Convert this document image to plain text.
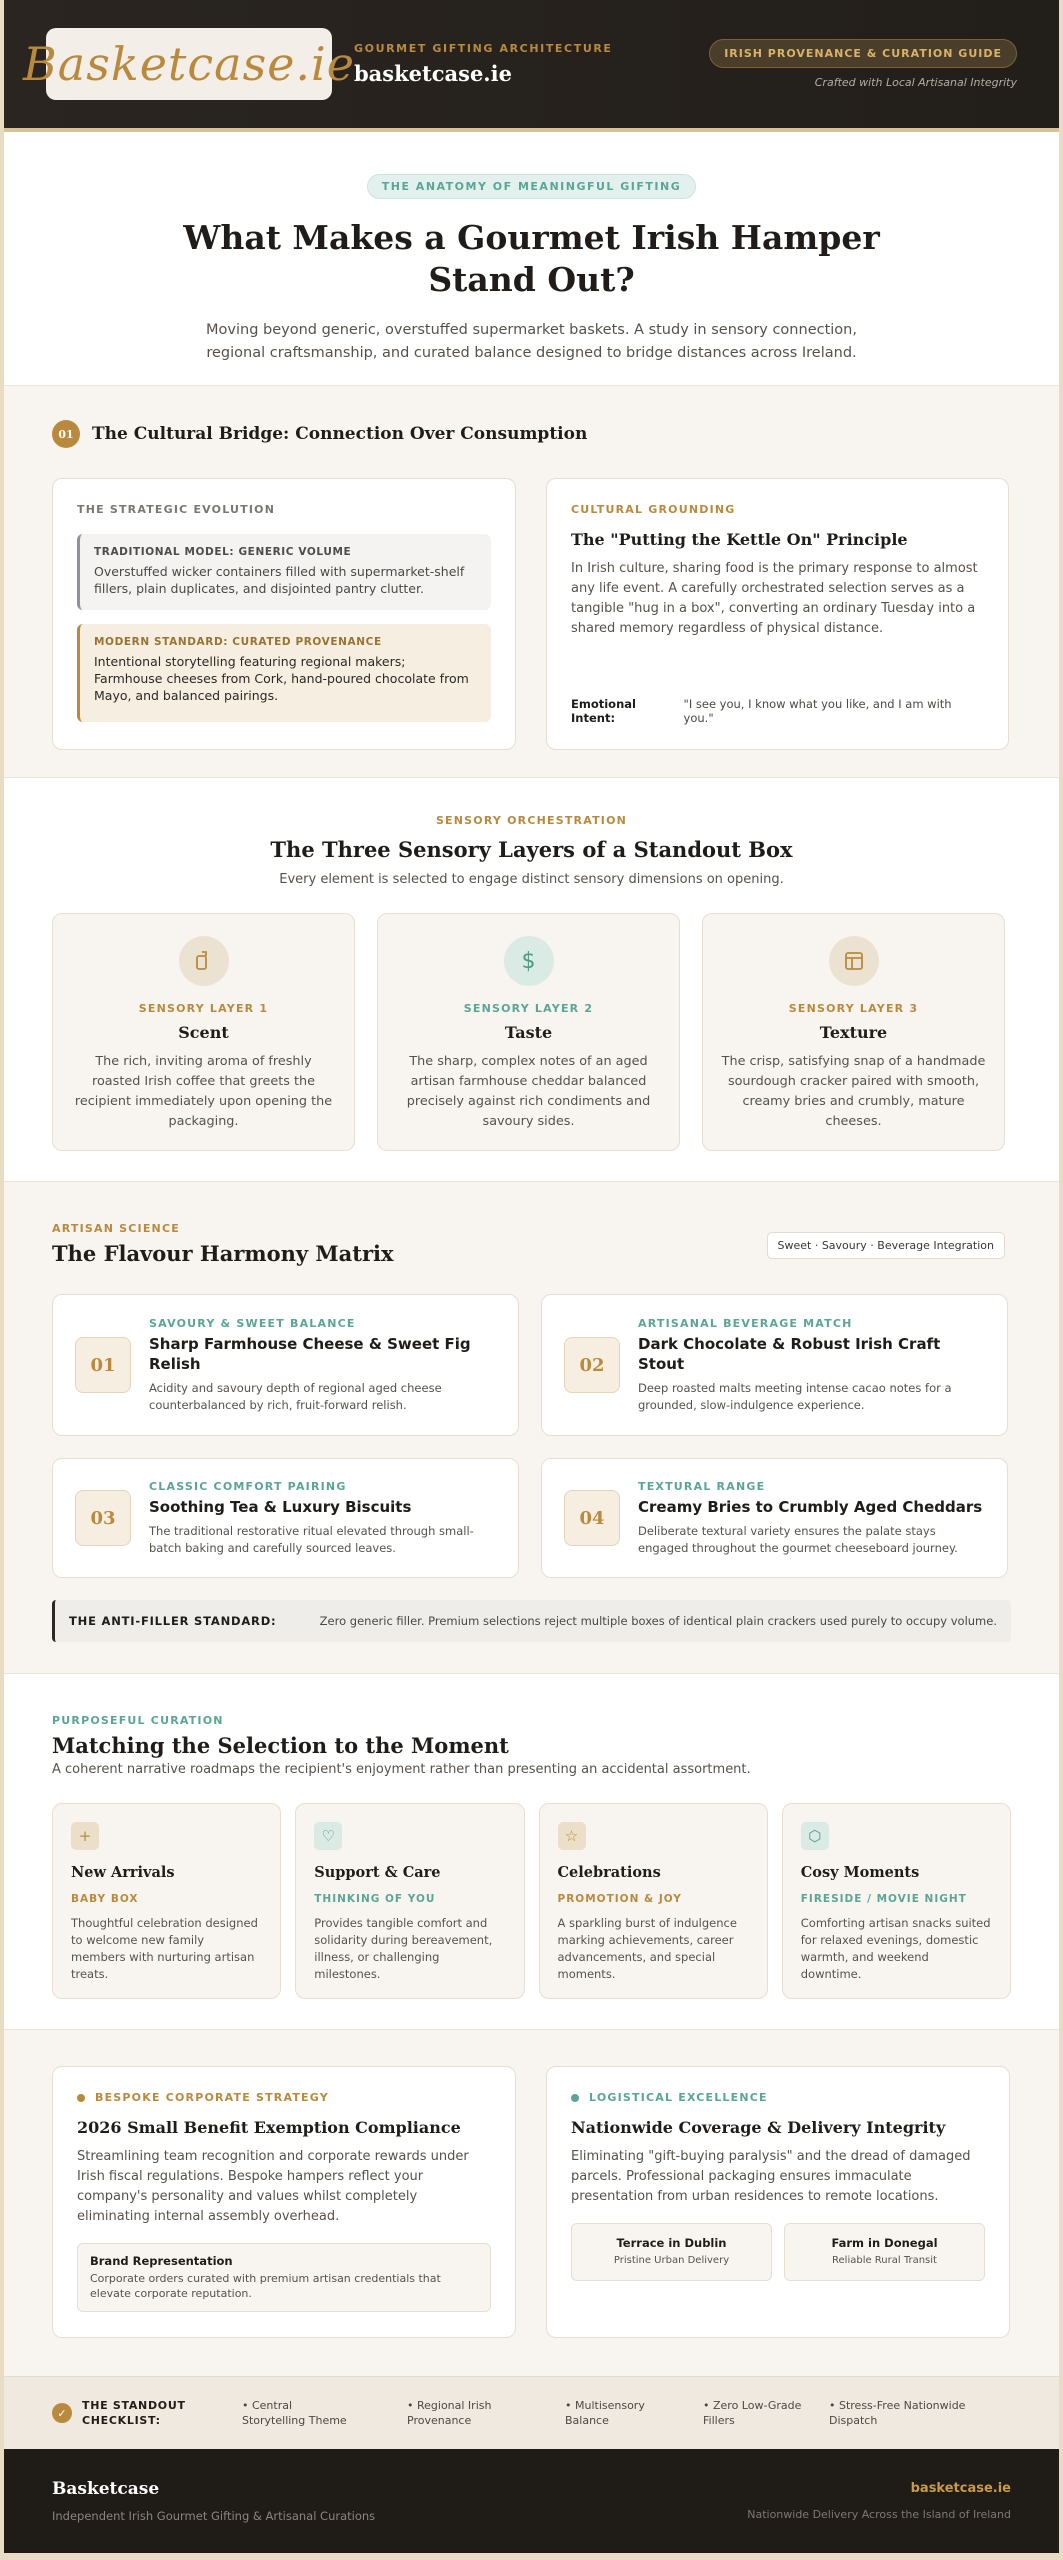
Basketcase.ie GOURMET GIFTING ARCHITECTURE
basketcase.ie
IRISH PROVENANCE & CURATION GUIDE
Crafted with Local Artisanal Integrity
THE ANATOMY OF MEANINGFUL GIFTING
What Makes a Gourmet Irish Hamper Stand Out?

Moving beyond generic, overstuffed supermarket baskets. A study in sensory connection, regional craftsmanship, and curated balance designed to bridge distances across Ireland.

01	The Cultural Bridge: Connection Over Consumption
THE STRATEGIC EVOLUTION
TRADITIONAL MODEL: GENERIC VOLUME
Overstuffed wicker containers filled with supermarket-shelf fillers, plain duplicates, and disjointed pantry clutter.
MODERN STANDARD: CURATED PROVENANCE
Intentional storytelling featuring regional makers; Farmhouse cheeses from Cork, hand-poured chocolate from Mayo, and balanced pairings.
CULTURAL GROUNDING
The "Putting the Kettle On" Principle

In Irish culture, sharing food is the primary response to almost any life event. A carefully orchestrated selection serves as a tangible "hug in a box", converting an ordinary Tuesday into a shared memory regardless of physical distance.

Emotional Intent:
"I see you, I know what you like, and I am with you."
SENSORY ORCHESTRATION
The Three Sensory Layers of a Standout Box

Every element is selected to engage distinct sensory dimensions on opening.

SENSORY LAYER 1
Scent

The rich, inviting aroma of freshly roasted Irish coffee that greets the recipient immediately upon opening the packaging.

$
SENSORY LAYER 2
Taste

The sharp, complex notes of an aged artisan farmhouse cheddar balanced precisely against rich condiments and savoury sides.

SENSORY LAYER 3
Texture

The crisp, satisfying snap of a handmade sourdough cracker paired with smooth, creamy bries and crumbly, mature cheeses.

ARTISAN SCIENCE
The Flavour Harmony Matrix	Sweet · Savoury · Beverage Integration
01
SAVOURY & SWEET BALANCE
Sharp Farmhouse Cheese & Sweet Fig Relish
Acidity and savoury depth of regional aged cheese counterbalanced by rich, fruit-forward relish.
02
ARTISANAL BEVERAGE MATCH
Dark Chocolate & Robust Irish Craft Stout
Deep roasted malts meeting intense cacao notes for a grounded, slow-indulgence experience.
03
CLASSIC COMFORT PAIRING
Soothing Tea & Luxury Biscuits
The traditional restorative ritual elevated through small-batch baking and carefully sourced leaves.
04
TEXTURAL RANGE
Creamy Bries to Crumbly Aged Cheddars
Deliberate textural variety ensures the palate stays engaged throughout the gourmet cheeseboard journey.
THE ANTI-FILLER STANDARD:	Zero generic filler. Premium selections reject multiple boxes of identical plain crackers used purely to occupy volume.
PURPOSEFUL CURATION
Matching the Selection to the Moment

A coherent narrative roadmaps the recipient's enjoyment rather than presenting an accidental assortment.

+
New Arrivals
BABY BOX

Thoughtful celebration designed to welcome new family members with nurturing artisan treats.

♡
Support & Care
THINKING OF YOU

Provides tangible comfort and solidarity during bereavement, illness, or challenging milestones.

☆
Celebrations
PROMOTION & JOY

A sparkling burst of indulgence marking achievements, career advancements, and special moments.

⬡
Cosy Moments
FIRESIDE / MOVIE NIGHT

Comforting artisan snacks suited for relaxed evenings, domestic warmth, and weekend downtime.

BESPOKE CORPORATE STRATEGY
2026 Small Benefit Exemption Compliance

Streamlining team recognition and corporate rewards under Irish fiscal regulations. Bespoke hampers reflect your company's personality and values whilst completely eliminating internal assembly overhead.

Brand Representation
Corporate orders curated with premium artisan credentials that elevate corporate reputation.
LOGISTICAL EXCELLENCE
Nationwide Coverage & Delivery Integrity

Eliminating "gift-buying paralysis" and the dread of damaged parcels. Professional packaging ensures immaculate presentation from urban residences to remote locations.

Terrace in Dublin
Pristine Urban Delivery
Farm in Donegal
Reliable Rural Transit
✓
THE STANDOUT CHECKLIST:
• Central Storytelling Theme
• Regional Irish Provenance
• Multisensory Balance
• Zero Low-Grade Fillers
• Stress-Free Nationwide Dispatch
Basketcase
Independent Irish Gourmet Gifting & Artisanal Curations
basketcase.ie
Nationwide Delivery Across the Island of Ireland
